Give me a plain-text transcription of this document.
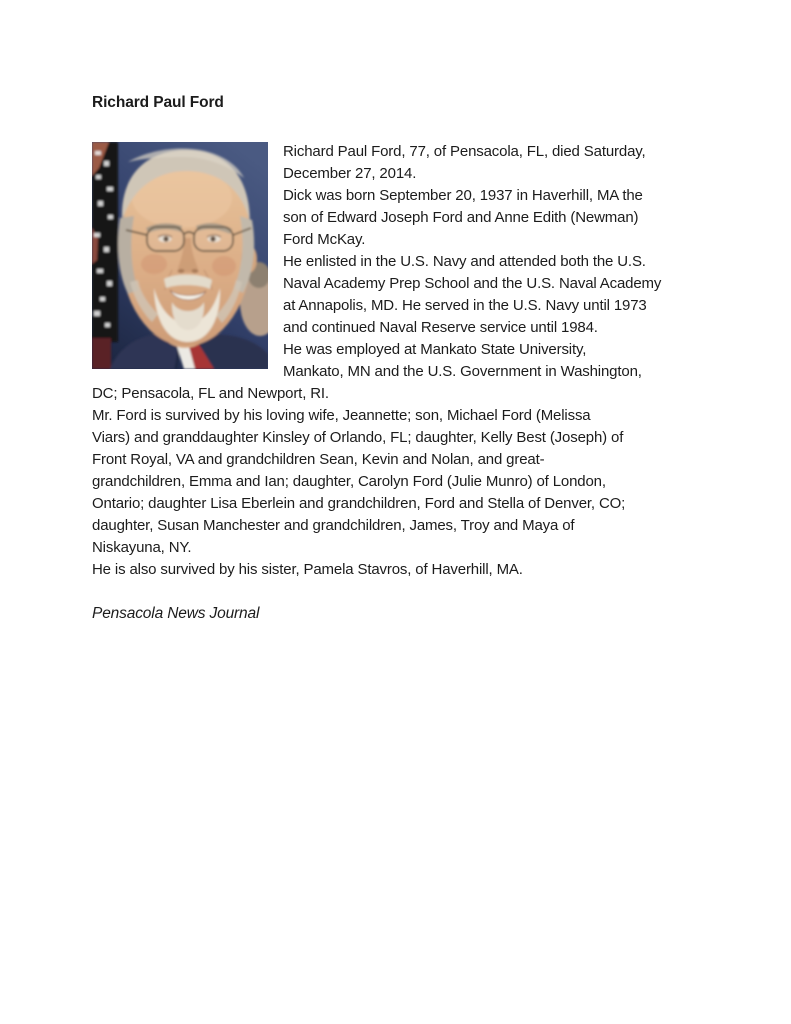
Richard Paul Ford
Richard Paul Ford, 77, of Pensacola, FL, died Saturday,
December 27, 2014.
Dick was born September 20, 1937 in Haverhill, MA the
son of Edward Joseph Ford and Anne Edith (Newman)
Ford McKay.
He enlisted in the U.S. Navy and attended both the U.S.
Naval Academy Prep School and the U.S. Naval Academy
at Annapolis, MD. He served in the U.S. Navy until 1973
and continued Naval Reserve service until 1984.
He was employed at Mankato State University,
Mankato, MN and the U.S. Government in Washington,
DC; Pensacola, FL and Newport, RI.
Mr. Ford is survived by his loving wife, Jeannette; son, Michael Ford (Melissa
Viars) and granddaughter Kinsley of Orlando, FL; daughter, Kelly Best (Joseph) of
Front Royal, VA and grandchildren Sean, Kevin and Nolan, and great-
grandchildren, Emma and Ian; daughter, Carolyn Ford (Julie Munro) of London,
Ontario; daughter Lisa Eberlein and grandchildren, Ford and Stella of Denver, CO;
daughter, Susan Manchester and grandchildren, James, Troy and Maya of
Niskayuna, NY.
He is also survived by his sister, Pamela Stavros, of Haverhill, MA.
Pensacola News Journal
